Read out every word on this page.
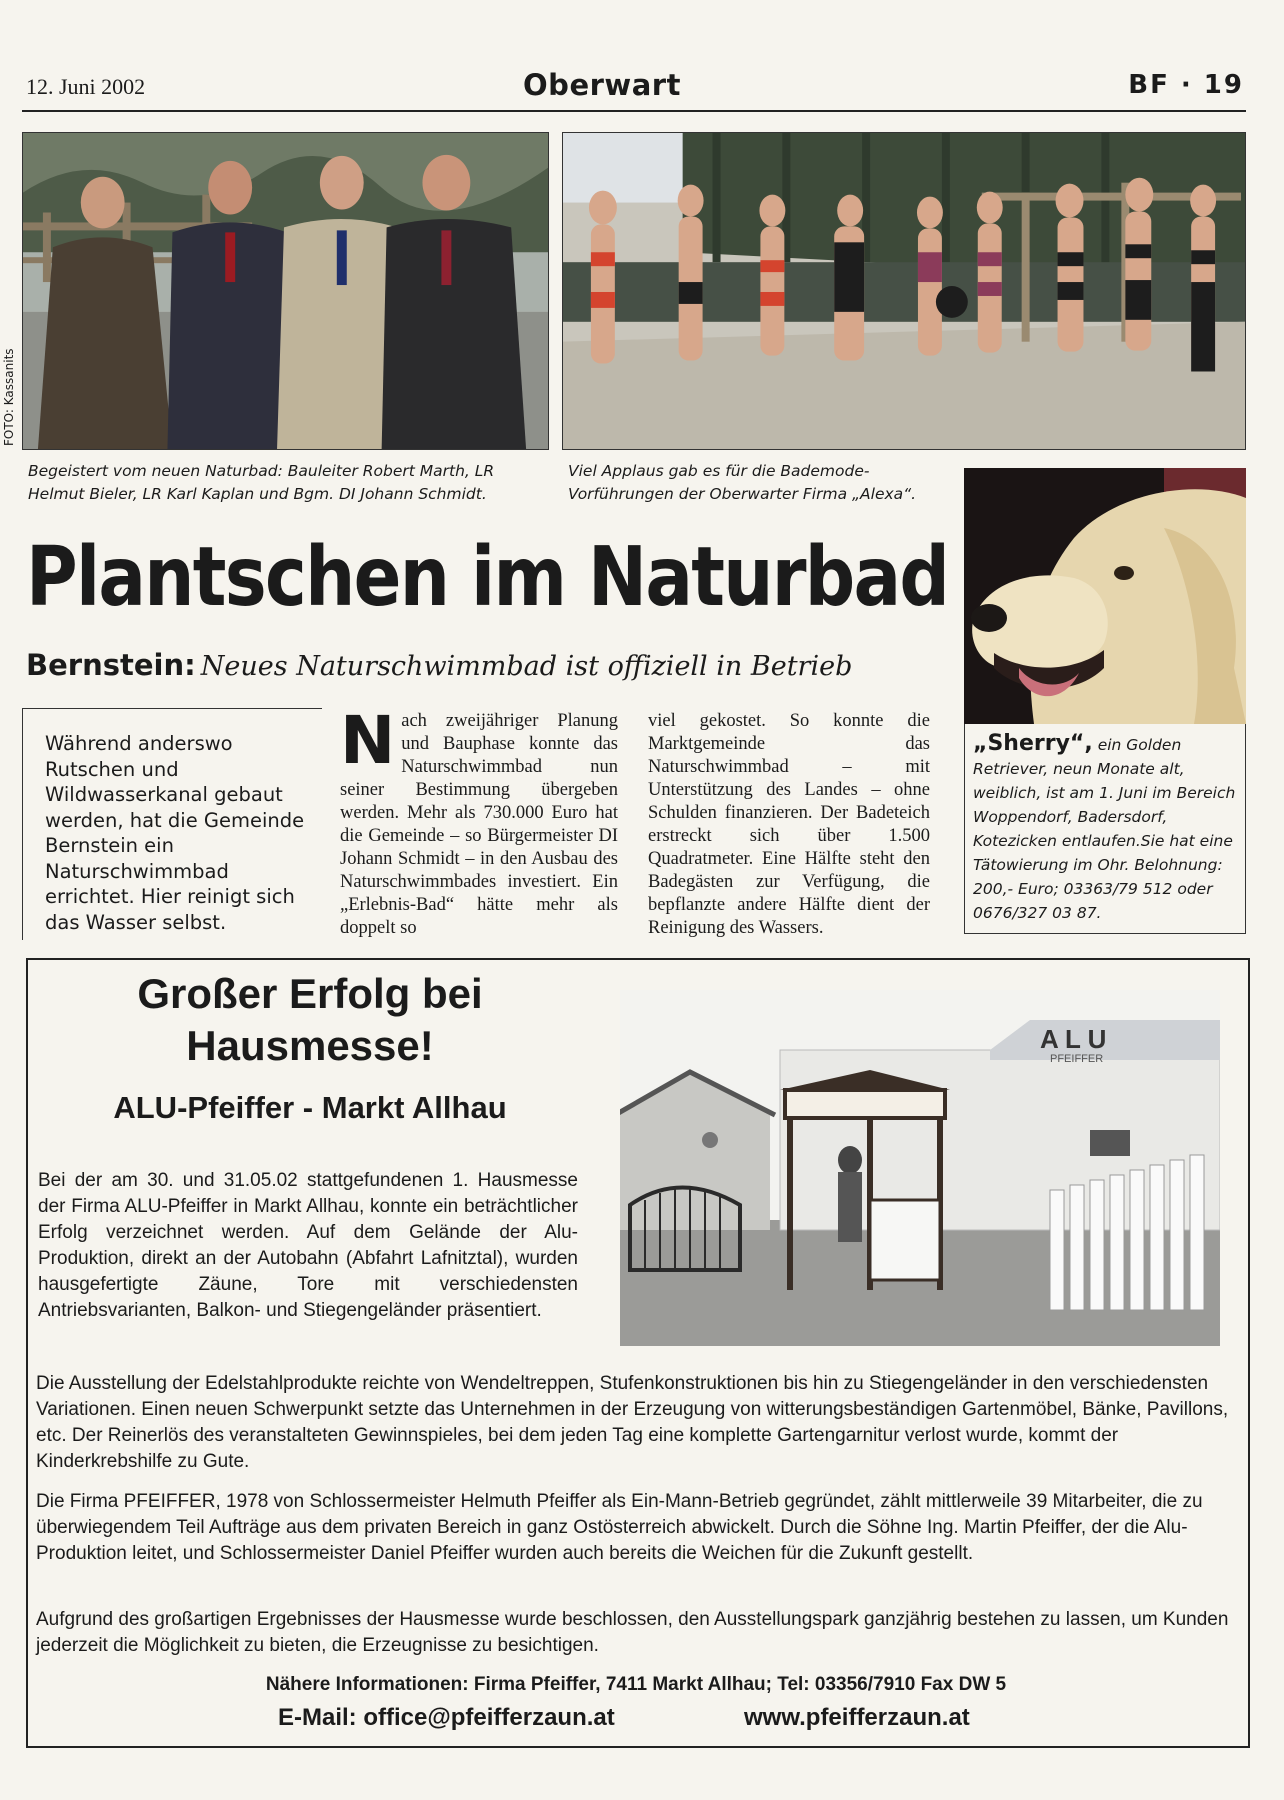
12. Juni 2002	Oberwart	BF · 19
FOTO: Kassanits
Begeistert vom neuen Naturbad: Bauleiter Robert Marth, LR Helmut Bieler, LR Karl Kaplan und Bgm. DI Johann Schmidt.
Viel Applaus gab es für die Bademode-Vorführungen der Oberwarter Firma „Alexa“.
„Sherry“, ein Golden Retriever, neun Monate alt, weiblich, ist am 1. Juni im Bereich Woppendorf, Badersdorf, Kotezicken entlaufen.Sie hat eine Tätowierung im Ohr. Belohnung: 200,- Euro; 03363/79 512 oder 0676/327 03 87.
Plantschen im Naturbad
Bernstein: Neues Naturschwimmbad ist offiziell in Betrieb
Während anderswo Rutschen und Wildwasserkanal gebaut werden, hat die Gemeinde Bernstein ein Naturschwimmbad errichtet. Hier reinigt sich das Wasser selbst.
Nach zweijähriger Planung und Bauphase konnte das Naturschwimmbad nun seiner Bestimmung übergeben werden. Mehr als 730.000 Euro hat die Gemeinde – so Bürgermeister DI Johann Schmidt – in den Ausbau des Naturschwimmbades investiert. Ein „Erlebnis-Bad“ hätte mehr als doppelt so
viel gekostet. So konnte die Marktgemeinde das Naturschwimmbad – mit Unterstützung des Landes – ohne Schulden finanzieren. Der Badeteich erstreckt sich über 1.500 Quadratmeter. Eine Hälfte steht den Badegästen zur Verfügung, die bepflanzte andere Hälfte dient der Reinigung des Wassers.
Großer Erfolg bei
Hausmesse!
ALU-Pfeiffer - Markt Allhau
A L U
PFEIFFER
Bei der am 30. und 31.05.02 stattgefundenen 1. Hausmesse der Firma ALU-Pfeiffer in Markt Allhau, konnte ein beträchtlicher Erfolg verzeichnet werden. Auf dem Gelände der Alu-Produktion, direkt an der Autobahn (Abfahrt Lafnitztal), wurden hausgefertigte Zäune, Tore mit verschiedensten Antriebsvarianten, Balkon- und Stiegengeländer präsentiert.
Die Ausstellung der Edelstahlprodukte reichte von Wendeltreppen, Stufenkonstruktionen bis hin zu Stiegengeländer in den verschiedensten Variationen. Einen neuen Schwerpunkt setzte das Unternehmen in der Erzeugung von witterungsbeständigen Gartenmöbel, Bänke, Pavillons, etc. Der Reinerlös des veranstalteten Gewinnspieles, bei dem jeden Tag eine komplette Gartengarnitur verlost wurde, kommt der Kinderkrebshilfe zu Gute.
Die Firma PFEIFFER, 1978 von Schlossermeister Helmuth Pfeiffer als Ein-Mann-Betrieb gegründet, zählt mittlerweile 39 Mitarbeiter, die zu überwiegendem Teil Aufträge aus dem privaten Bereich in ganz Ostösterreich abwickelt. Durch die Söhne Ing. Martin Pfeiffer, der die Alu-Produktion leitet, und Schlossermeister Daniel Pfeiffer wurden auch bereits die Weichen für die Zukunft gestellt.
Aufgrund des großartigen Ergebnisses der Hausmesse wurde beschlossen, den Ausstellungspark ganzjährig bestehen zu lassen, um Kunden jederzeit die Möglichkeit zu bieten, die Erzeugnisse zu besichtigen.
Nähere Informationen: Firma Pfeiffer, 7411 Markt Allhau; Tel: 03356/7910 Fax DW 5
E-Mail: office@pfeifferzaun.at	www.pfeifferzaun.at
